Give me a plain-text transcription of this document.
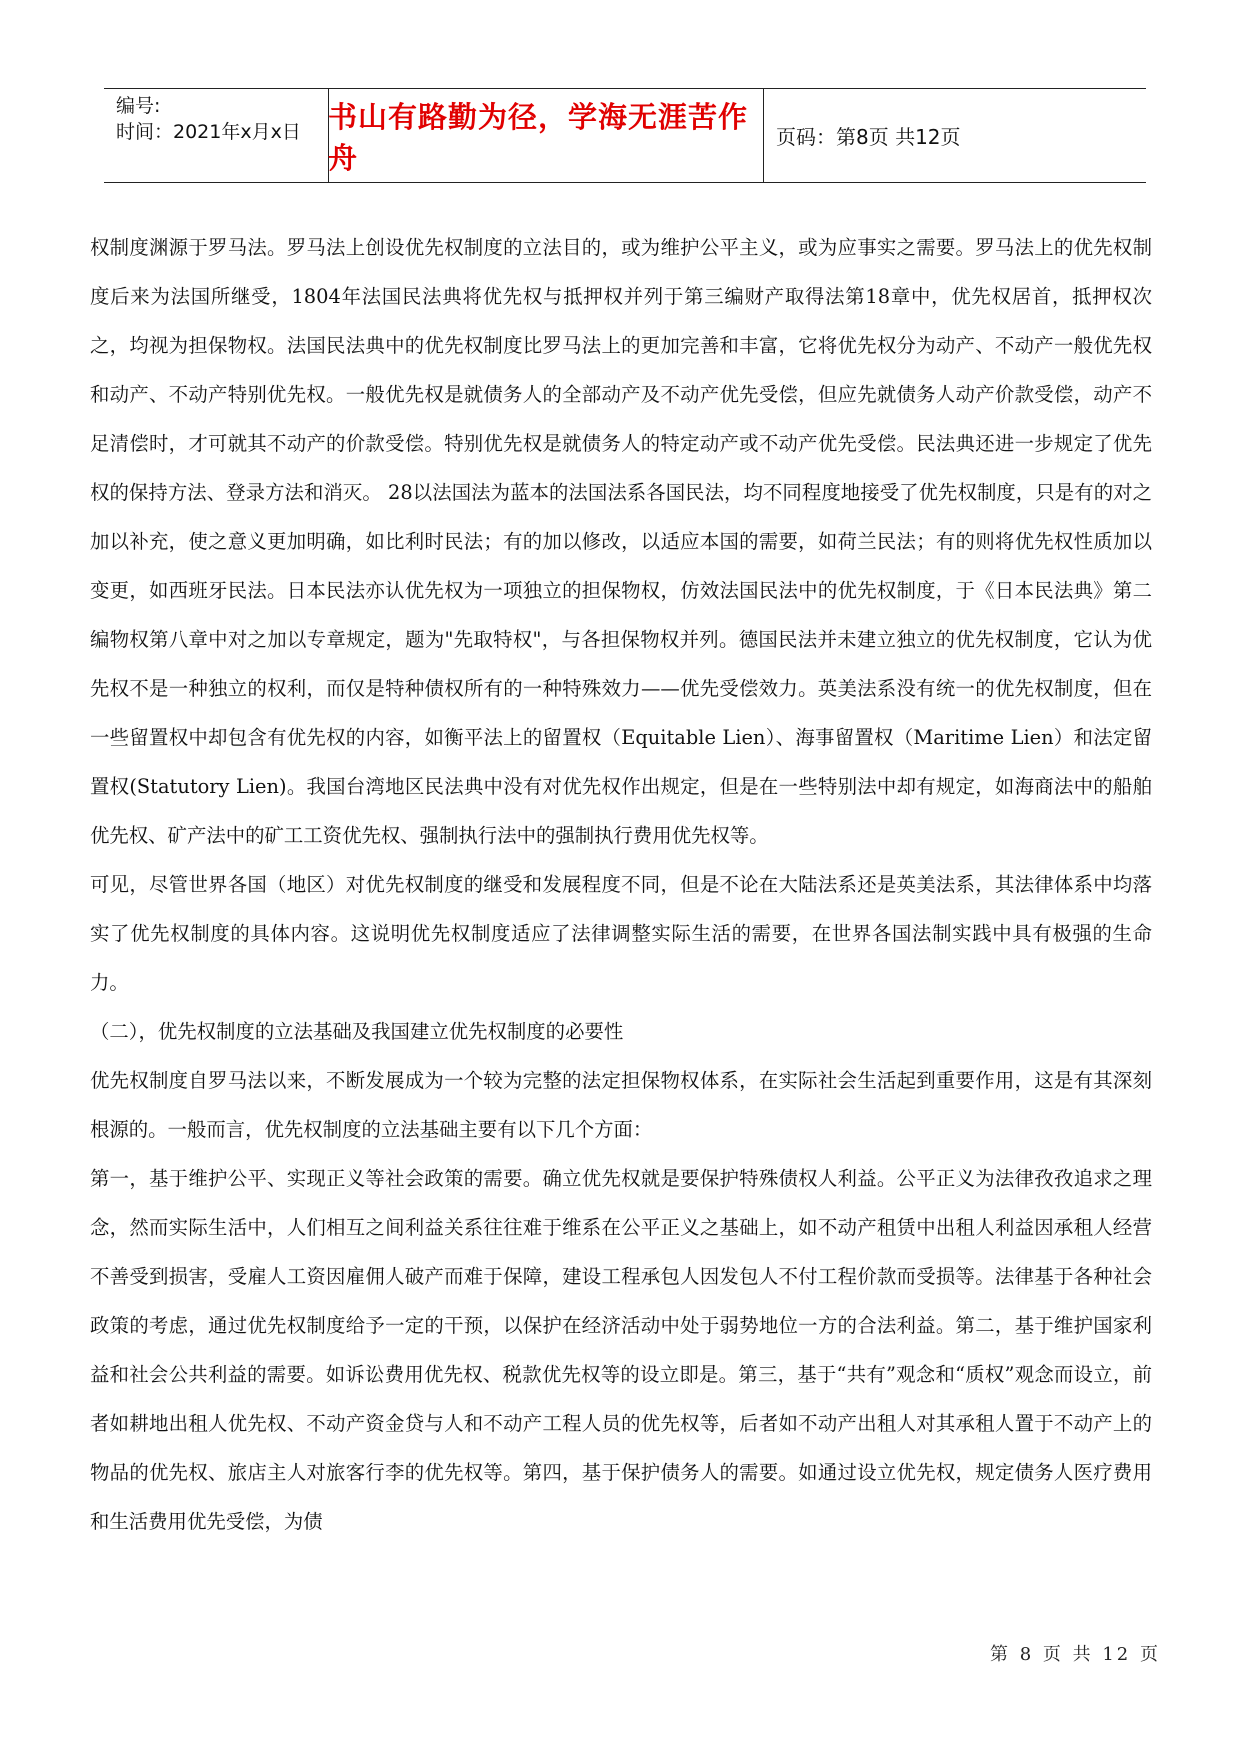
编号:
时间：2021年x月x日 书山有路勤为径，学海无涯苦作舟
页码：第8页 共12页

权制度渊源于罗马法。罗马法上创设优先权制度的立法目的，或为维护公平主义，或为应事实之需要。罗马法上的优先权制度后来为法国所继受，1804年法国民法典将优先权与抵押权并列于第三编财产取得法第18章中，优先权居首，抵押权次之，均视为担保物权。法国民法典中的优先权制度比罗马法上的更加完善和丰富，它将优先权分为动产、不动产一般优先权和动产、不动产特别优先权。一般优先权是就债务人的全部动产及不动产优先受偿，但应先就债务人动产价款受偿，动产不足清偿时，才可就其不动产的价款受偿。特别优先权是就债务人的特定动产或不动产优先受偿。民法典还进一步规定了优先权的保持方法、登录方法和消灭。 28以法国法为蓝本的法国法系各国民法，均不同程度地接受了优先权制度，只是有的对之加以补充，使之意义更加明确，如比利时民法；有的加以修改，以适应本国的需要，如荷兰民法；有的则将优先权性质加以变更，如西班牙民法。日本民法亦认优先权为一项独立的担保物权，仿效法国民法中的优先权制度，于《日本民法典》第二编物权第八章中对之加以专章规定，题为"先取特权"，与各担保物权并列。德国民法并未建立独立的优先权制度，它认为优先权不是一种独立的权利，而仅是特种债权所有的一种特殊效力——优先受偿效力。英美法系没有统一的优先权制度，但在一些留置权中却包含有优先权的内容，如衡平法上的留置权（Equitable Lien）、海事留置权（Maritime Lien）和法定留置权(Statutory Lien)。我国台湾地区民法典中没有对优先权作出规定，但是在一些特别法中却有规定，如海商法中的船舶优先权、矿产法中的矿工工资优先权、强制执行法中的强制执行费用优先权等。

可见，尽管世界各国（地区）对优先权制度的继受和发展程度不同，但是不论在大陆法系还是英美法系，其法律体系中均落实了优先权制度的具体内容。这说明优先权制度适应了法律调整实际生活的需要，在世界各国法制实践中具有极强的生命力。

（二），优先权制度的立法基础及我国建立优先权制度的必要性

优先权制度自罗马法以来，不断发展成为一个较为完整的法定担保物权体系，在实际社会生活起到重要作用，这是有其深刻根源的。一般而言，优先权制度的立法基础主要有以下几个方面：

第一，基于维护公平、实现正义等社会政策的需要。确立优先权就是要保护特殊债权人利益。公平正义为法律孜孜追求之理念，然而实际生活中，人们相互之间利益关系往往难于维系在公平正义之基础上，如不动产租赁中出租人利益因承租人经营不善受到损害，受雇人工资因雇佣人破产而难于保障，建设工程承包人因发包人不付工程价款而受损等。法律基于各种社会政策的考虑，通过优先权制度给予一定的干预，以保护在经济活动中处于弱势地位一方的合法利益。第二，基于维护国家利益和社会公共利益的需要。如诉讼费用优先权、税款优先权等的设立即是。第三，基于“共有”观念和“质权”观念而设立，前者如耕地出租人优先权、不动产资金贷与人和不动产工程人员的优先权等，后者如不动产出租人对其承租人置于不动产上的物品的优先权、旅店主人对旅客行李的优先权等。第四，基于保护债务人的需要。如通过设立优先权，规定债务人医疗费用和生活费用优先受偿，为债

第 8 页 共 12 页
